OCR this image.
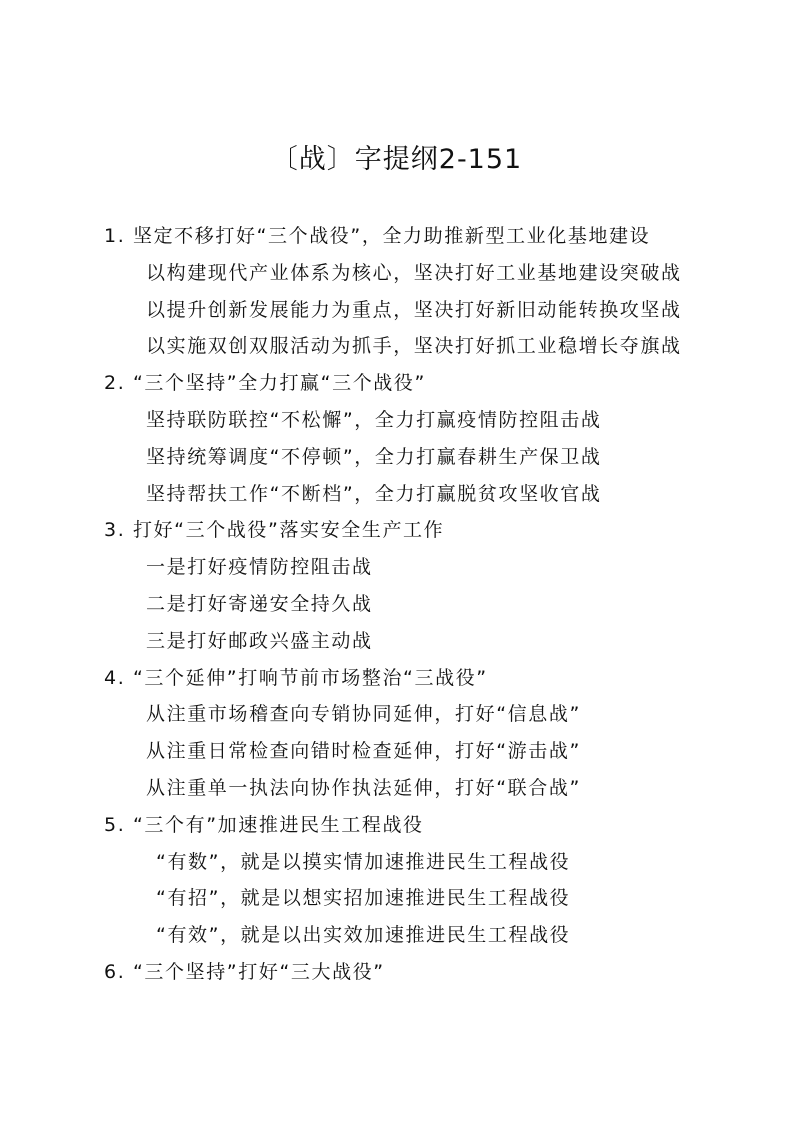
〔战〕字提纲2-151
1. 坚定不移打好“三个战役”，全力助推新型工业化基地建设
以构建现代产业体系为核心，坚决打好工业基地建设突破战
以提升创新发展能力为重点，坚决打好新旧动能转换攻坚战
以实施双创双服活动为抓手，坚决打好抓工业稳增长夺旗战
2. “三个坚持”全力打赢“三个战役”
坚持联防联控“不松懈”，全力打赢疫情防控阻击战
坚持统筹调度“不停顿”，全力打赢春耕生产保卫战
坚持帮扶工作“不断档”，全力打赢脱贫攻坚收官战
3. 打好“三个战役”落实安全生产工作
一是打好疫情防控阻击战
二是打好寄递安全持久战
三是打好邮政兴盛主动战
4. “三个延伸”打响节前市场整治“三战役”
从注重市场稽查向专销协同延伸，打好“信息战”
从注重日常检查向错时检查延伸，打好“游击战”
从注重单一执法向协作执法延伸，打好“联合战”
5. “三个有”加速推进民生工程战役
“有数”，就是以摸实情加速推进民生工程战役
“有招”，就是以想实招加速推进民生工程战役
“有效”，就是以出实效加速推进民生工程战役
6. “三个坚持”打好“三大战役”
